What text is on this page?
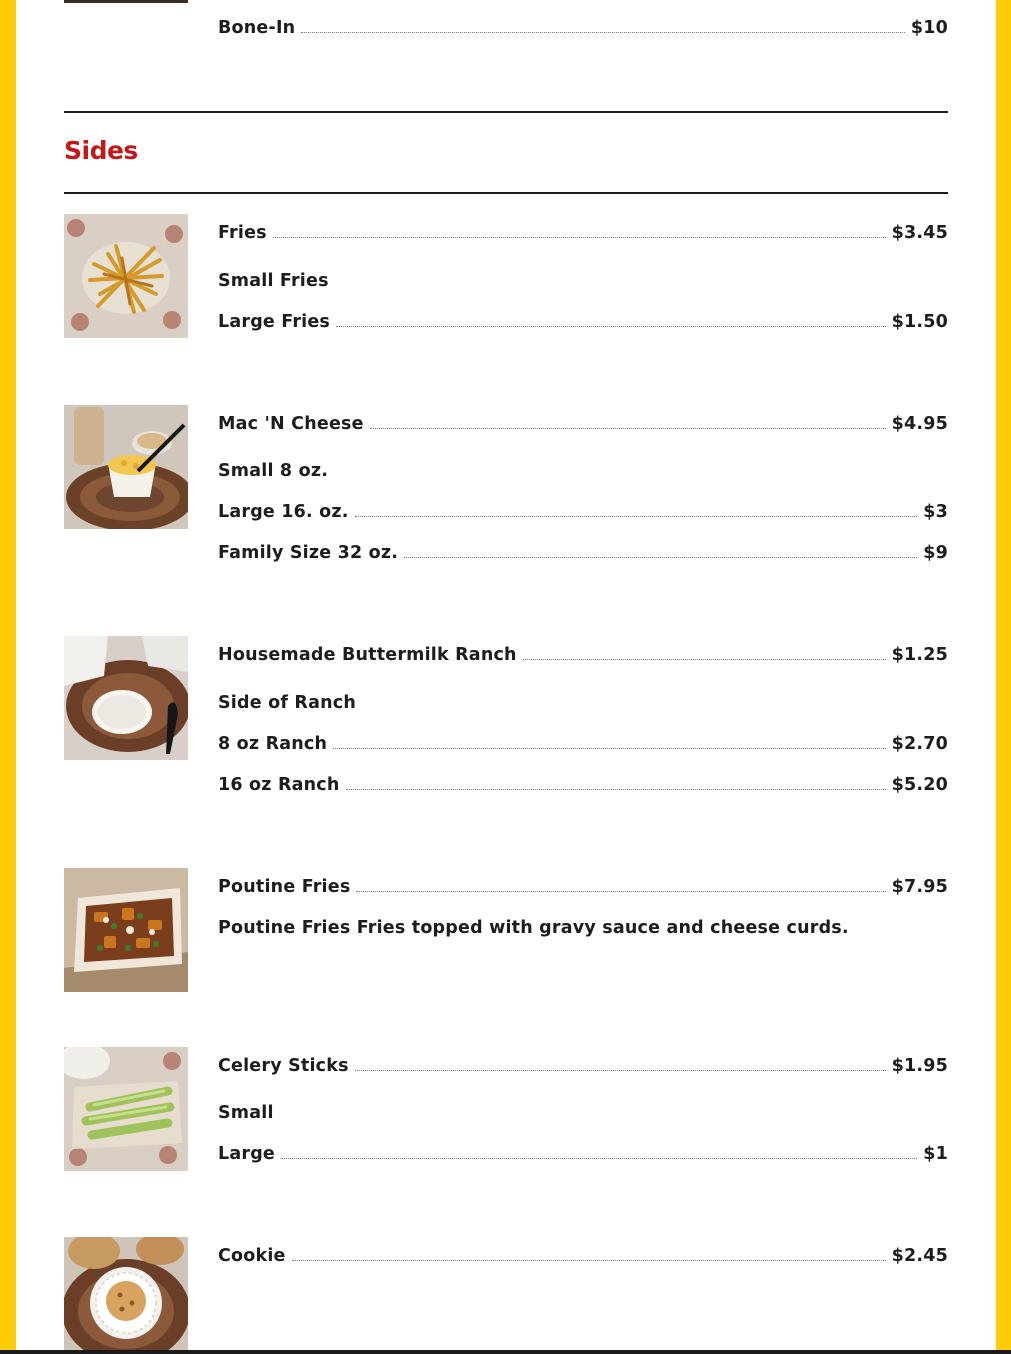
Bone-In	$10
Sides
Fries	$3.45
Small Fries
Large Fries	$1.50
Mac 'N Cheese	$4.95
Small 8 oz.
Large 16. oz.	$3
Family Size 32 oz.	$9
Housemade Buttermilk Ranch	$1.25
Side of Ranch
8 oz Ranch	$2.70
16 oz Ranch	$5.20
Poutine Fries	$7.95
Poutine Fries Fries topped with gravy sauce and cheese curds.
Celery Sticks	$1.95
Small
Large	$1
Cookie	$2.45
